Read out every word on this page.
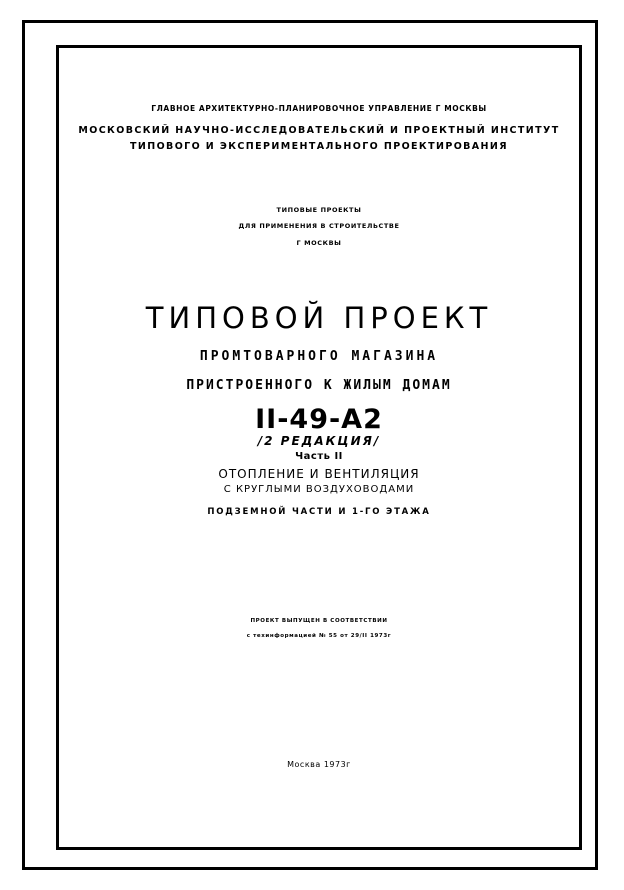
ГЛАВНОЕ АРХИТЕКТУРНО-ПЛАНИРОВОЧНОЕ УПРАВЛЕНИЕ Г МОСКВЫ
МОСКОВСКИЙ НАУЧНО-ИССЛЕДОВАТЕЛЬСКИЙ И ПРОЕКТНЫЙ ИНСТИТУТ
ТИПОВОГО И ЭКСПЕРИМЕНТАЛЬНОГО ПРОЕКТИРОВАНИЯ
ТИПОВЫЕ ПРОЕКТЫ
ДЛЯ ПРИМЕНЕНИЯ В СТРОИТЕЛЬСТВЕ
Г МОСКВЫ
ТИПОВОЙ ПРОЕКТ
ПРОМТОВАРНОГО МАГАЗИНА
ПРИСТРОЕННОГО К ЖИЛЫМ ДОМАМ
II-49-А2
/2 РЕДАКЦИЯ/
Часть II
ОТОПЛЕНИЕ И ВЕНТИЛЯЦИЯ
С КРУГЛЫМИ ВОЗДУХОВОДАМИ
ПОДЗЕМНОЙ ЧАСТИ И 1-ГО ЭТАЖА
ПРОЕКТ ВЫПУЩЕН В СООТВЕТСТВИИ
с техинформацией № 55 от 29/II 1973г
Москва 1973г
